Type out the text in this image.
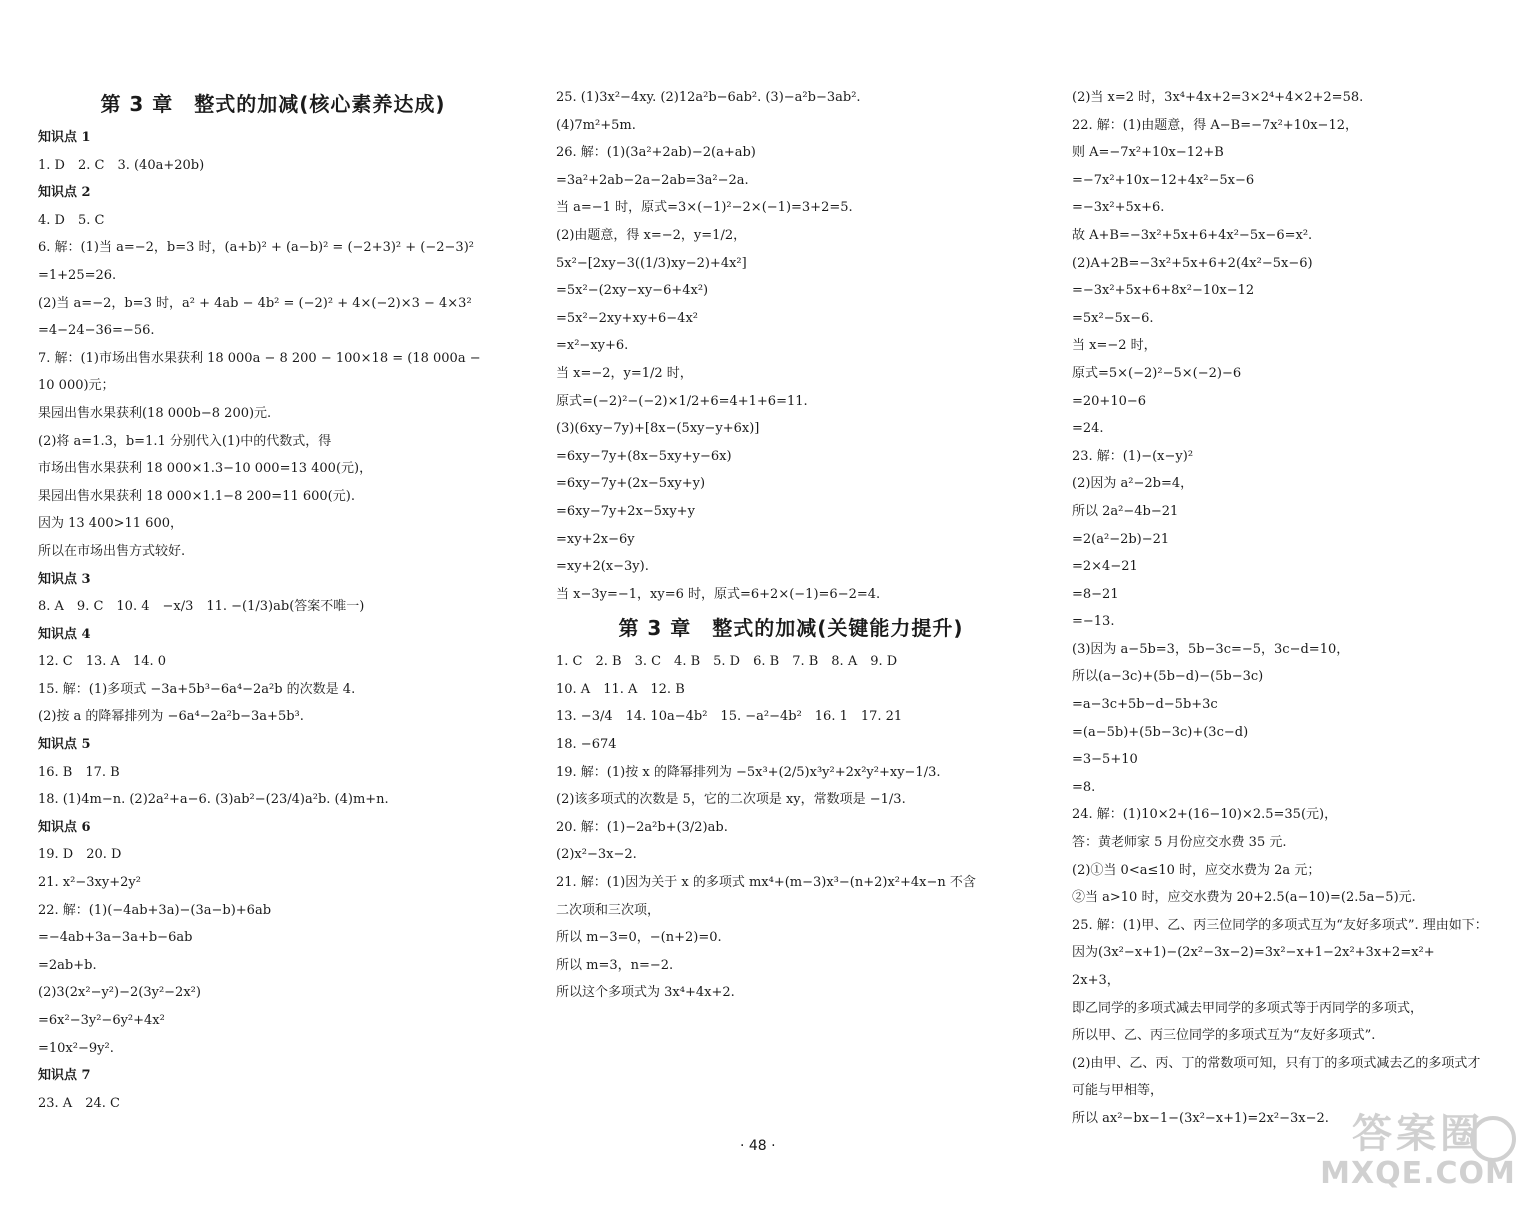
第 3 章　整式的加减(核心素养达成)
知识点 1
1. D　2. C　3. (40a+20b)
知识点 2
4. D　5. C
6. 解：(1)当 a=−2，b=3 时，(a+b)² + (a−b)² = (−2+3)² + (−2−3)²
=1+25=26.
(2)当 a=−2，b=3 时，a² + 4ab − 4b² = (−2)² + 4×(−2)×3 − 4×3²
=4−24−36=−56.
7. 解：(1)市场出售水果获利 18 000a − 8 200 − 100×18 = (18 000a −
10 000)元；
果园出售水果获利(18 000b−8 200)元.
(2)将 a=1.3，b=1.1 分别代入(1)中的代数式，得
市场出售水果获利 18 000×1.3−10 000=13 400(元)，
果园出售水果获利 18 000×1.1−8 200=11 600(元).
因为 13 400>11 600，
所以在市场出售方式较好.
知识点 3
8. A　9. C　10. 4　−x/3　11. −(1/3)ab(答案不唯一)
知识点 4
12. C　13. A　14. 0
15. 解：(1)多项式 −3a+5b³−6a⁴−2a²b 的次数是 4.
(2)按 a 的降幂排列为 −6a⁴−2a²b−3a+5b³.
知识点 5
16. B　17. B
18. (1)4m−n. (2)2a²+a−6. (3)ab²−(23/4)a²b. (4)m+n.
知识点 6
19. D　20. D
21. x²−3xy+2y²
22. 解：(1)(−4ab+3a)−(3a−b)+6ab
=−4ab+3a−3a+b−6ab
=2ab+b.
(2)3(2x²−y²)−2(3y²−2x²)
=6x²−3y²−6y²+4x²
=10x²−9y².
知识点 7
23. A　24. C
25. (1)3x²−4xy. (2)12a²b−6ab². (3)−a²b−3ab².
(4)7m²+5m.
26. 解：(1)(3a²+2ab)−2(a+ab)
=3a²+2ab−2a−2ab=3a²−2a.
当 a=−1 时，原式=3×(−1)²−2×(−1)=3+2=5.
(2)由题意，得 x=−2，y=1/2，
5x²−[2xy−3((1/3)xy−2)+4x²]
=5x²−(2xy−xy−6+4x²)
=5x²−2xy+xy+6−4x²
=x²−xy+6.
当 x=−2，y=1/2 时，
原式=(−2)²−(−2)×1/2+6=4+1+6=11.
(3)(6xy−7y)+[8x−(5xy−y+6x)]
=6xy−7y+(8x−5xy+y−6x)
=6xy−7y+(2x−5xy+y)
=6xy−7y+2x−5xy+y
=xy+2x−6y
=xy+2(x−3y).
当 x−3y=−1，xy=6 时，原式=6+2×(−1)=6−2=4.
第 3 章　整式的加减(关键能力提升)
1. C　2. B　3. C　4. B　5. D　6. B　7. B　8. A　9. D
10. A　11. A　12. B
13. −3/4　14. 10a−4b²　15. −a²−4b²　16. 1　17. 21
18. −674
19. 解：(1)按 x 的降幂排列为 −5x³+(2/5)x³y²+2x²y²+xy−1/3.
(2)该多项式的次数是 5，它的二次项是 xy，常数项是 −1/3.
20. 解：(1)−2a²b+(3/2)ab.
(2)x²−3x−2.
21. 解：(1)因为关于 x 的多项式 mx⁴+(m−3)x³−(n+2)x²+4x−n 不含
二次项和三次项，
所以 m−3=0，−(n+2)=0.
所以 m=3，n=−2.
所以这个多项式为 3x⁴+4x+2.
(2)当 x=2 时，3x⁴+4x+2=3×2⁴+4×2+2=58.
22. 解：(1)由题意，得 A−B=−7x²+10x−12，
则 A=−7x²+10x−12+B
=−7x²+10x−12+4x²−5x−6
=−3x²+5x+6.
故 A+B=−3x²+5x+6+4x²−5x−6=x².
(2)A+2B=−3x²+5x+6+2(4x²−5x−6)
=−3x²+5x+6+8x²−10x−12
=5x²−5x−6.
当 x=−2 时，
原式=5×(−2)²−5×(−2)−6
=20+10−6
=24.
23. 解：(1)−(x−y)²
(2)因为 a²−2b=4，
所以 2a²−4b−21
=2(a²−2b)−21
=2×4−21
=8−21
=−13.
(3)因为 a−5b=3，5b−3c=−5，3c−d=10，
所以(a−3c)+(5b−d)−(5b−3c)
=a−3c+5b−d−5b+3c
=(a−5b)+(5b−3c)+(3c−d)
=3−5+10
=8.
24. 解：(1)10×2+(16−10)×2.5=35(元)，
答：黄老师家 5 月份应交水费 35 元.
(2)①当 0<a≤10 时，应交水费为 2a 元；
②当 a>10 时，应交水费为 20+2.5(a−10)=(2.5a−5)元.
25. 解：(1)甲、乙、丙三位同学的多项式互为“友好多项式”. 理由如下：
因为(3x²−x+1)−(2x²−3x−2)=3x²−x+1−2x²+3x+2=x²+
2x+3，
即乙同学的多项式减去甲同学的多项式等于丙同学的多项式，
所以甲、乙、丙三位同学的多项式互为“友好多项式”.
(2)由甲、乙、丙、丁的常数项可知，只有丁的多项式减去乙的多项式才
可能与甲相等，
所以 ax²−bx−1−(3x²−x+1)=2x²−3x−2.
· 48 ·	答案圈
MXQE.COM
